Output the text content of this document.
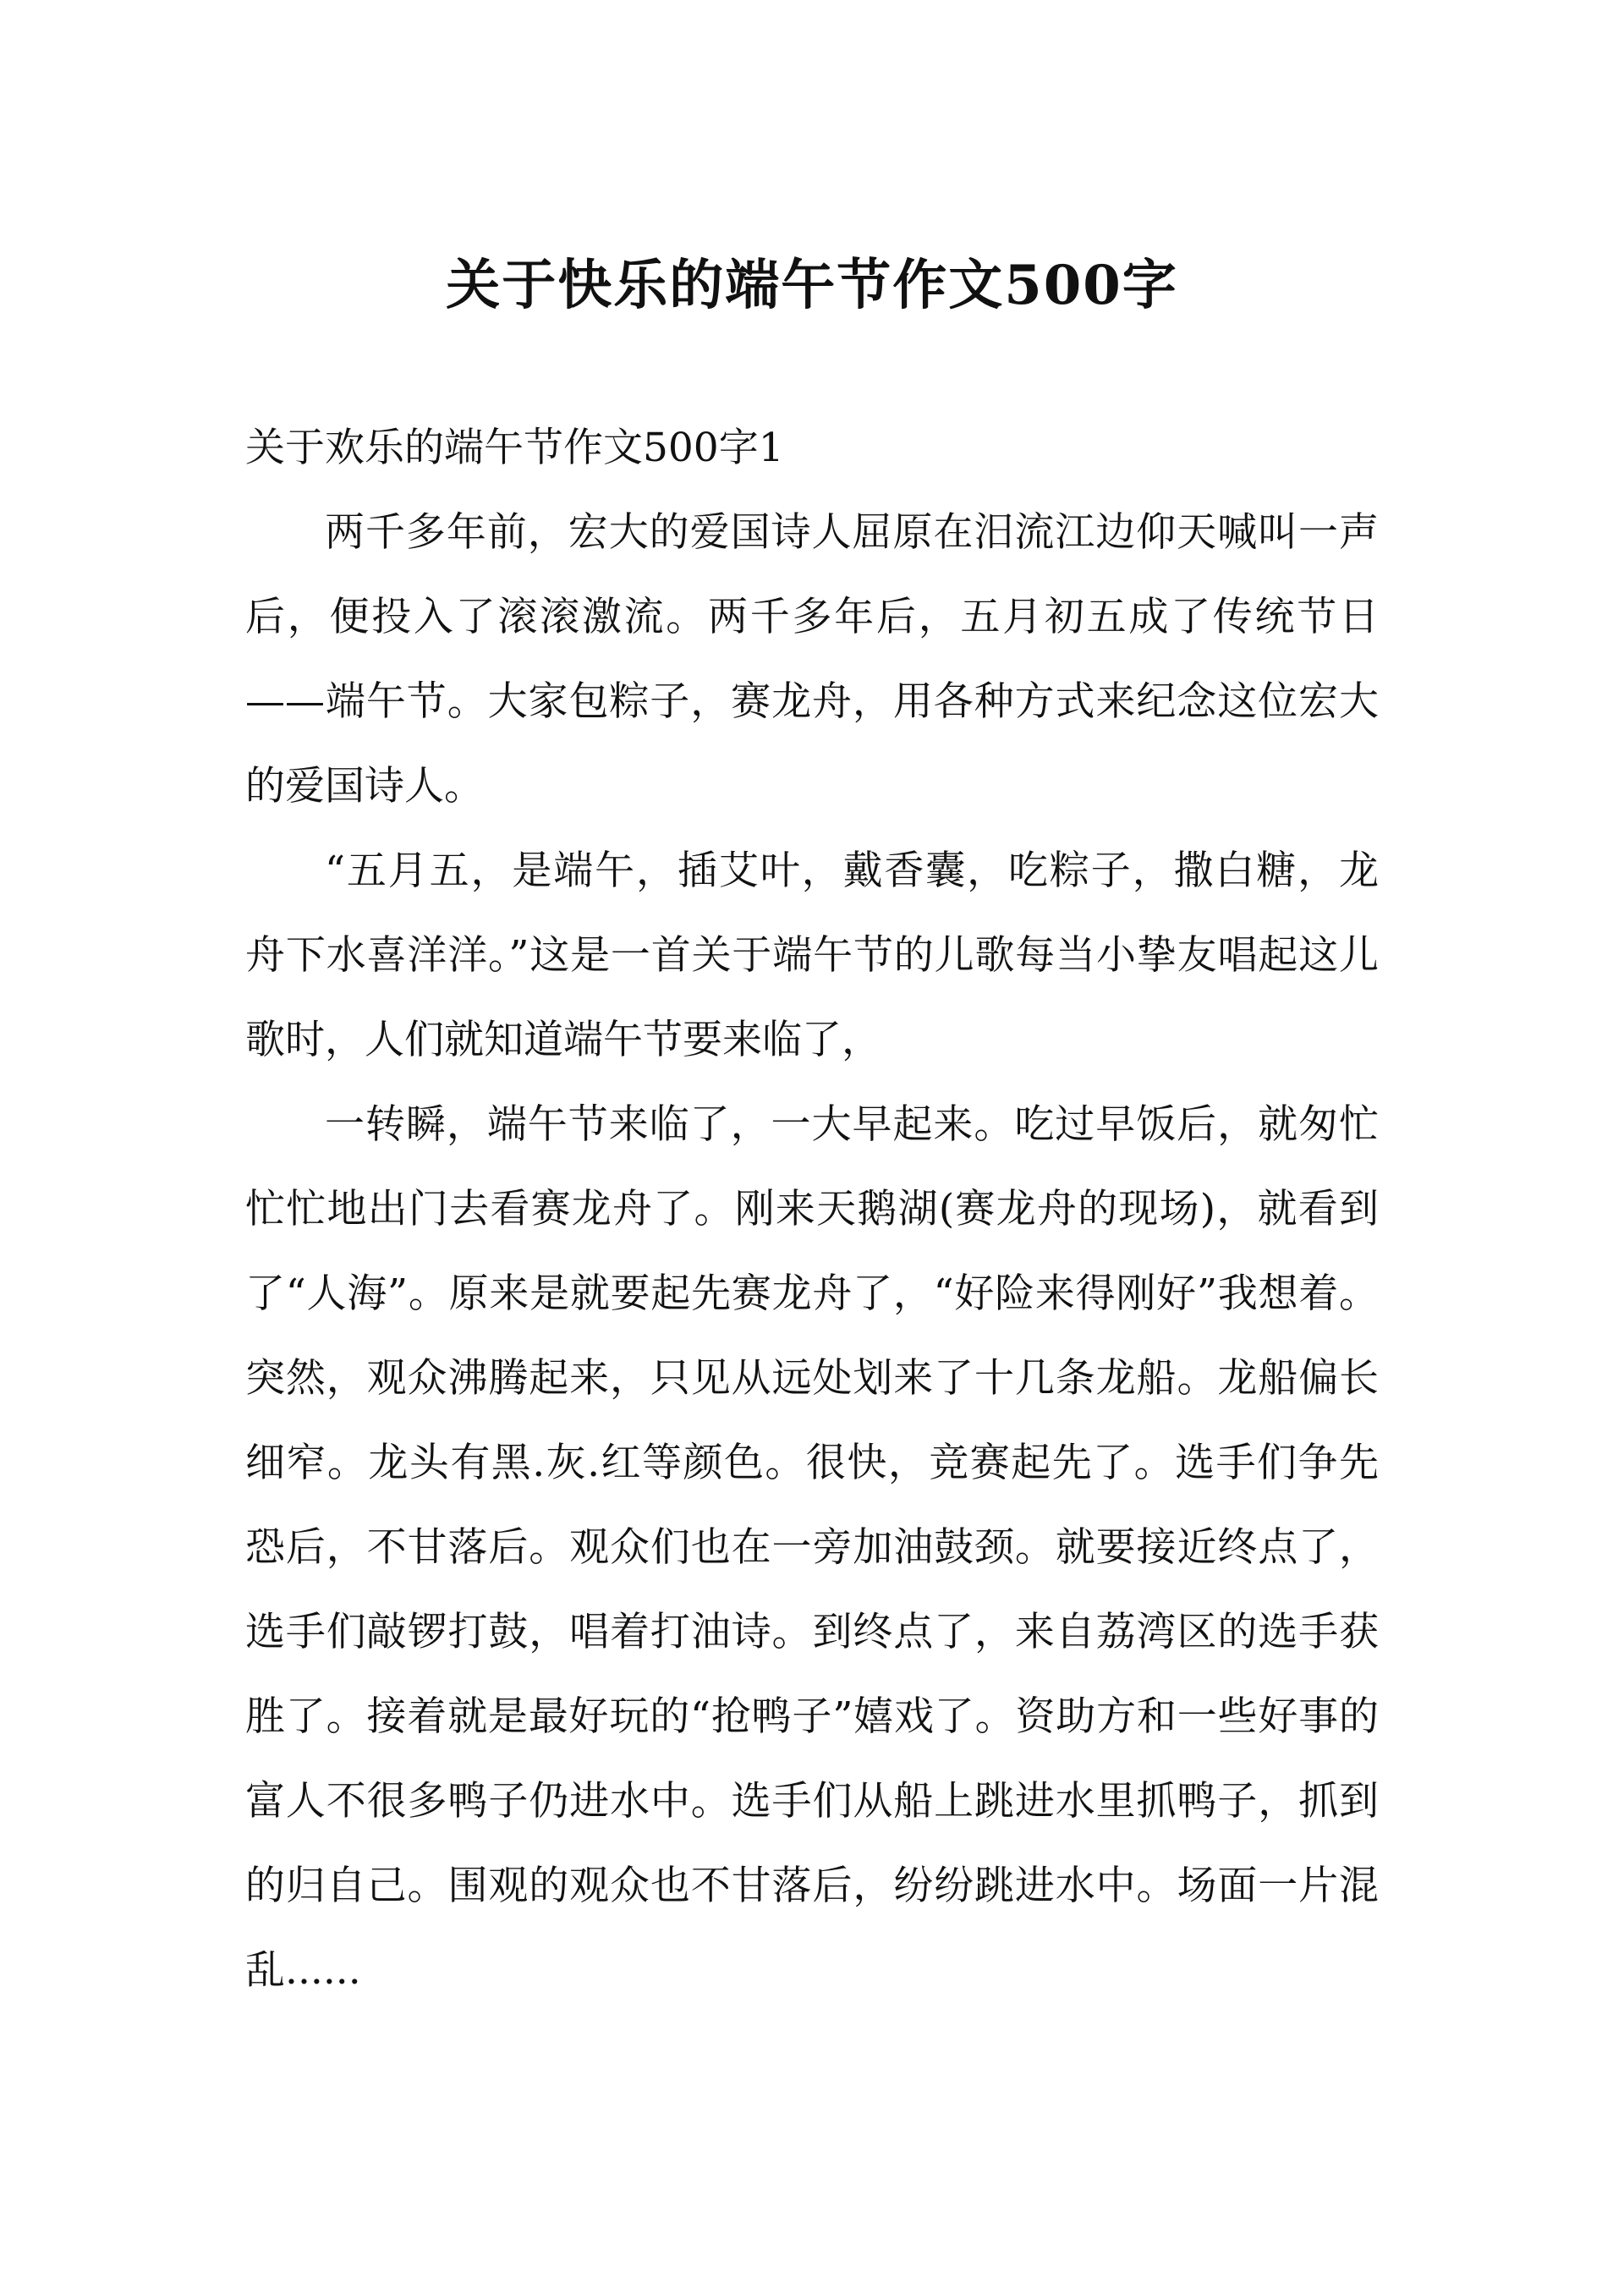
关于快乐的端午节作文500字
关于欢乐的端午节作文500字1

两千多年前，宏大的爱国诗人屈原在汨流江边仰天喊叫一声后，便投入了滚滚激流。两千多年后，五月初五成了传统节日——端午节。大家包粽子，赛龙舟，用各种方式来纪念这位宏大的爱国诗人。

“五月五，是端午，插艾叶，戴香囊，吃粽子，撒白糖，龙舟下水喜洋洋。”这是一首关于端午节的儿歌每当小挚友唱起这儿歌时，人们就知道端午节要来临了，

一转瞬，端午节来临了，一大早起来。吃过早饭后，就匆忙忙忙地出门去看赛龙舟了。刚来天鹅湖(赛龙舟的现场)，就看到了“人海”。原来是就要起先赛龙舟了，“好险来得刚好”我想着。突然，观众沸腾起来，只见从远处划来了十几条龙船。龙船偏长细窄。龙头有黑.灰.红等颜色。很快，竞赛起先了。选手们争先恐后，不甘落后。观众们也在一旁加油鼓颈。就要接近终点了，选手们敲锣打鼓，唱着打油诗。到终点了，来自荔湾区的选手获胜了。接着就是最好玩的“抢鸭子”嬉戏了。资助方和一些好事的富人不很多鸭子仍进水中。选手们从船上跳进水里抓鸭子，抓到的归自己。围观的观众也不甘落后，纷纷跳进水中。场面一片混乱......
